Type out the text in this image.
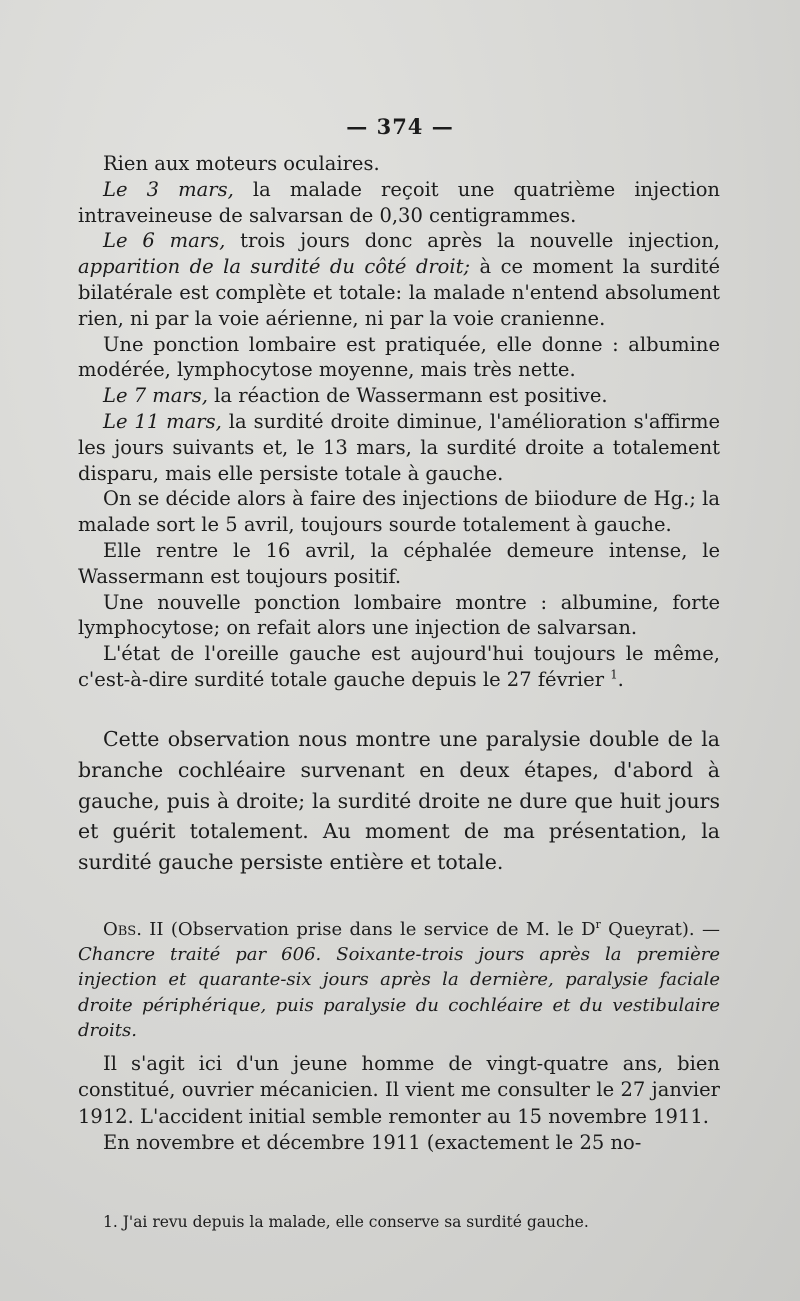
— 374 —

Rien aux moteurs oculaires.

Le 3 mars, la malade reçoit une quatrième injection intraveineuse de salvarsan de 0,30 centigrammes.

Le 6 mars, trois jours donc après la nouvelle injection, apparition de la surdité du côté droit; à ce moment la surdité bilatérale est complète et totale: la malade n'entend absolument rien, ni par la voie aérienne, ni par la voie cranienne.

Une ponction lombaire est pratiquée, elle donne : albumine modérée, lymphocytose moyenne, mais très nette.

Le 7 mars, la réaction de Wassermann est positive.

Le 11 mars, la surdité droite diminue, l'amélioration s'affirme les jours suivants et, le 13 mars, la surdité droite a totalement disparu, mais elle persiste totale à gauche.

On se décide alors à faire des injections de biiodure de Hg.; la malade sort le 5 avril, toujours sourde totalement à gauche.

Elle rentre le 16 avril, la céphalée demeure intense, le Wassermann est toujours positif.

Une nouvelle ponction lombaire montre : albumine, forte lymphocytose; on refait alors une injection de salvarsan.

L'état de l'oreille gauche est aujourd'hui toujours le même, c'est-à-dire surdité totale gauche depuis le 27 février $^1$.

Cette observation nous montre une paralysie double de la branche cochléaire survenant en deux étapes, d'abord à gauche, puis à droite; la surdité droite ne dure que huit jours et guérit totalement. Au moment de ma présentation, la surdité gauche persiste entière et totale.

Obs. II (Observation prise dans le service de M. le $D^r$ Queyrat). — Chancre traité par 606. Soixante-trois jours après la première injection et quarante-six jours après la dernière, paralysie faciale droite périphérique, puis paralysie du cochléaire et du vestibulaire droits.

Il s'agit ici d'un jeune homme de vingt-quatre ans, bien constitué, ouvrier mécanicien. Il vient me consulter le 27 janvier 1912. L'accident initial semble remonter au 15 novembre 1911.

En novembre et décembre 1911 (exactement le 25 no-

1. J'ai revu depuis la malade, elle conserve sa surdité gauche.
